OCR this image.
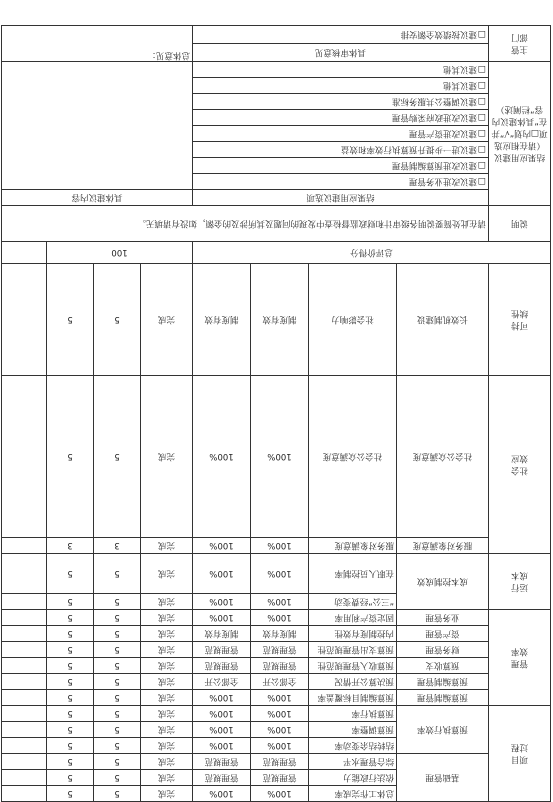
项目
过程	基础管理	总体工作完成率	100%	100%	完成	5	5	
		依法行政能力	管理规范	管理规范	完成	5	5	
		综合管理水平	管理规范	管理规范	完成	5	5	
	预算执行效率	结转结余变动率	100%	100%	完成	5	5	
		预算调整率	100%	100%	完成	5	5	
		预算执行率	100%	100%	完成	5	5	
管理
效率	预算编制管理	预算编制目标覆盖率	100%	100%	完成	5	5	
	预算编制管理	预决算公开情况	全部公开	全部公开	完成	5	5	
	预算收支	预算收入管理规范性	管理规范	管理规范	完成	5	5	
	财务管理	预算支出管理规范性	管理规范	管理规范	完成	5	5	
	资产管理	内控制度有效性	制度有效	制度有效	完成	5	5	
	业务管理	固定资产利用率	100%	100%	完成	5	5	
运行
成本	成本控制成效	“三公”经费变动	100%	100%	完成	5	5	
		在职人员控制率	100%	100%	完成	5	5	
社会
效应	服务对象满意度	服务对象满意度	100%	100%	完成	3	3	
	社会公众满意度	社会公众满意度	100%	100%	完成	5	5	
可持
续性	长效机制建设	社会影响力	制度有效	制度有效	完成	5	5	
总评价得分					100			
说明	请在此处简要说明各级审计和财政监督检查中发现的问题及其所涉及的金额，如没有请填无。							
结果应用建议
（请在相应选项□内划“√”并在“具体建议内容”栏阐述）	结果应用建议选项				具体建议内容			
□ 建议改进业务管理	
□ 建议改进预算编制管理
□ 建议进一步提升预算执行效率和效益
□ 建议改进资产管理
□ 建议改进政府采购管理
□ 建议调整公共服务标准
□ 建议其他
□ 建议其他
主管
部门	具体审核意见				总体意见：			
□ 建议按绩效全额安排
